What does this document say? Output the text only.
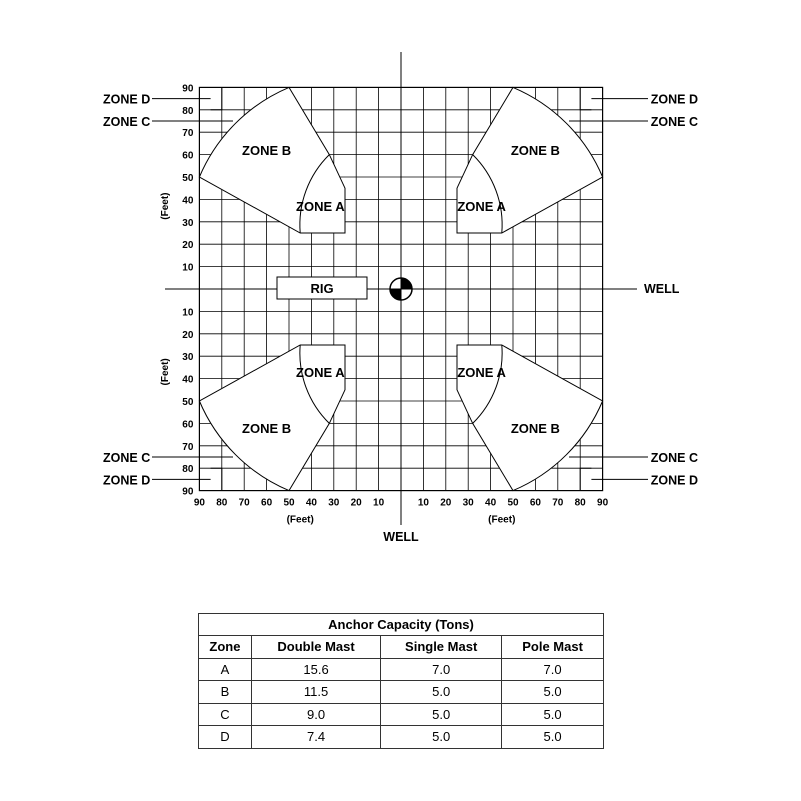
ZONE A
ZONE B
ZONE A
ZONE B
ZONE A
ZONE B
ZONE A
ZONE B
RIG	WELL
WELL
10
10
10	10
20
20
20	20
30
30
30	30
40
40
40	40
50
50
50	50
60
60
60	60
70
70
70	70
80
80
80	80
90
90
90	90
(Feet)	(Feet)
(Feet)
(Feet)
ZONE D
ZONE C
ZONE D
ZONE C
ZONE C
ZONE D
ZONE C
ZONE D
Anchor Capacity (Tons)			
Zone	Double Mast	Single Mast	Pole Mast
A	15.6	7.0	7.0
B	11.5	5.0	5.0
C	9.0	5.0	5.0
D	7.4	5.0	5.0
